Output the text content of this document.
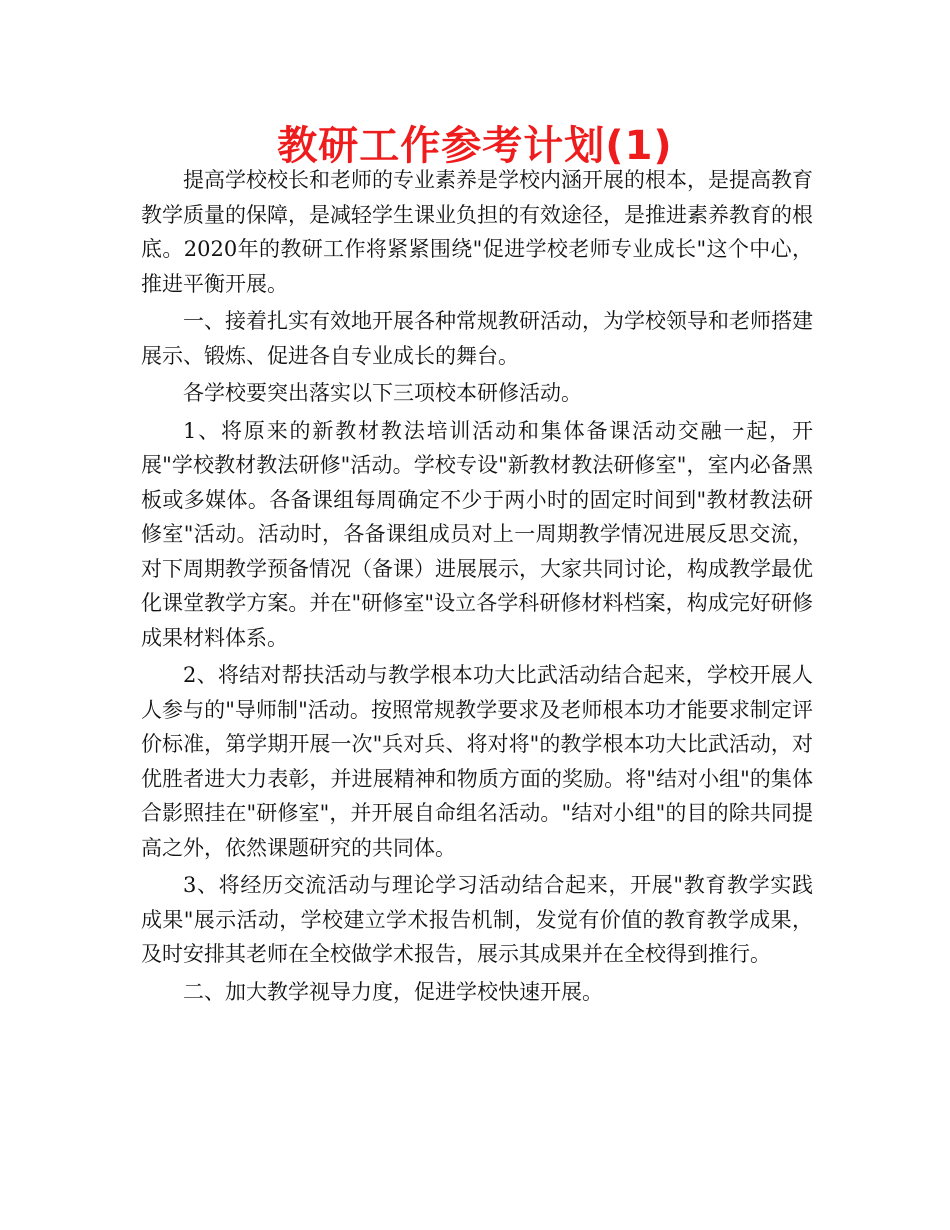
教研工作参考计划(1)

提高学校校长和老师的专业素养是学校内涵开展的根本，是提高教育教学质量的保障，是减轻学生课业负担的有效途径，是推进素养教育的根底。2020年的教研工作将紧紧围绕"促进学校老师专业成长"这个中心，推进平衡开展。

一、接着扎实有效地开展各种常规教研活动，为学校领导和老师搭建展示、锻炼、促进各自专业成长的舞台。

各学校要突出落实以下三项校本研修活动。

1、将原来的新教材教法培训活动和集体备课活动交融一起，开展"学校教材教法研修"活动。学校专设"新教材教法研修室"，室内必备黑板或多媒体。各备课组每周确定不少于两小时的固定时间到"教材教法研修室"活动。活动时，各备课组成员对上一周期教学情况进展反思交流，对下周期教学预备情况（备课）进展展示，大家共同讨论，构成教学最优化课堂教学方案。并在"研修室"设立各学科研修材料档案，构成完好研修成果材料体系。

2、将结对帮扶活动与教学根本功大比武活动结合起来，学校开展人人参与的"导师制"活动。按照常规教学要求及老师根本功才能要求制定评价标准，第学期开展一次"兵对兵、将对将"的教学根本功大比武活动，对优胜者进大力表彰，并进展精神和物质方面的奖励。将"结对小组"的集体合影照挂在"研修室"，并开展自命组名活动。"结对小组"的目的除共同提高之外，依然课题研究的共同体。

3、将经历交流活动与理论学习活动结合起来，开展"教育教学实践成果"展示活动，学校建立学术报告机制，发觉有价值的教育教学成果，及时安排其老师在全校做学术报告，展示其成果并在全校得到推行。

二、加大教学视导力度，促进学校快速开展。
